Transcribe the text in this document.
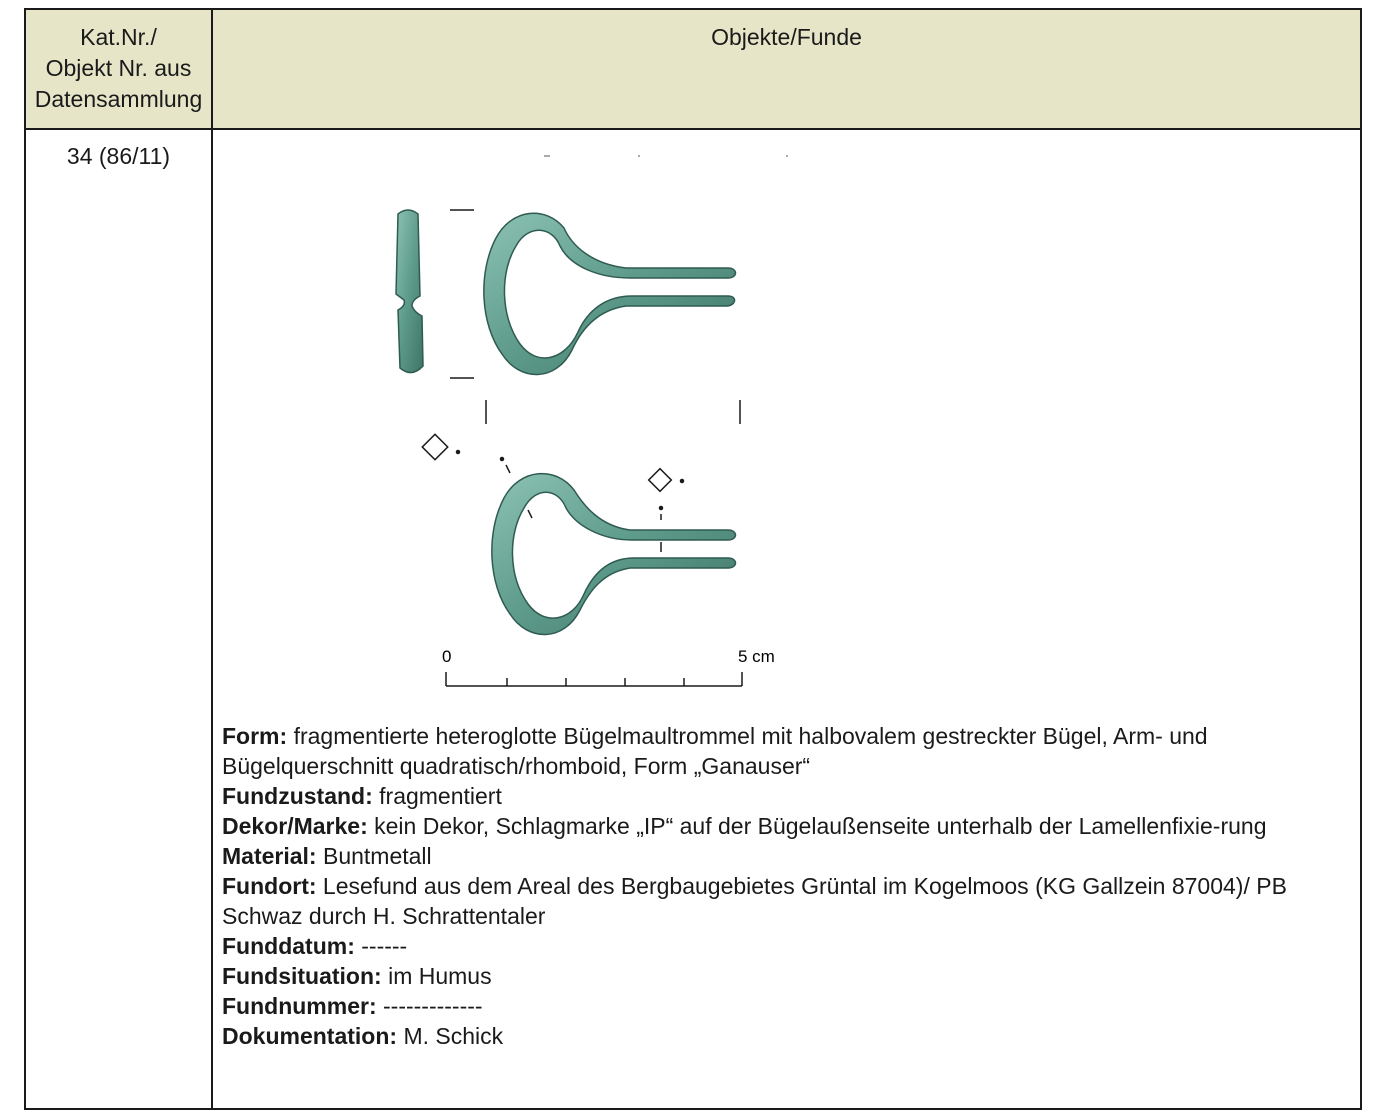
Kat.Nr./
Objekt Nr. aus
Datensammlung
Objekte/Funde
34 (86/11)
0	5 cm

Form: fragmentierte heteroglotte Bügelmaultrommel mit halbovalem gestreckter Bügel, Arm- und Bügelquerschnitt quadratisch/rhomboid, Form „Ganauser“

Fundzustand: fragmentiert

Dekor/Marke: kein Dekor, Schlagmarke „IP“ auf der Bügelaußenseite unterhalb der Lamellenfixie-rung

Material: Buntmetall

Fundort: Lesefund aus dem Areal des Bergbaugebietes Grüntal im Kogelmoos (KG Gallzein 87004)/ PB Schwaz durch H. Schrattentaler

Funddatum: ------

Fundsituation: im Humus

Fundnummer: -------------

Dokumentation: M. Schick
